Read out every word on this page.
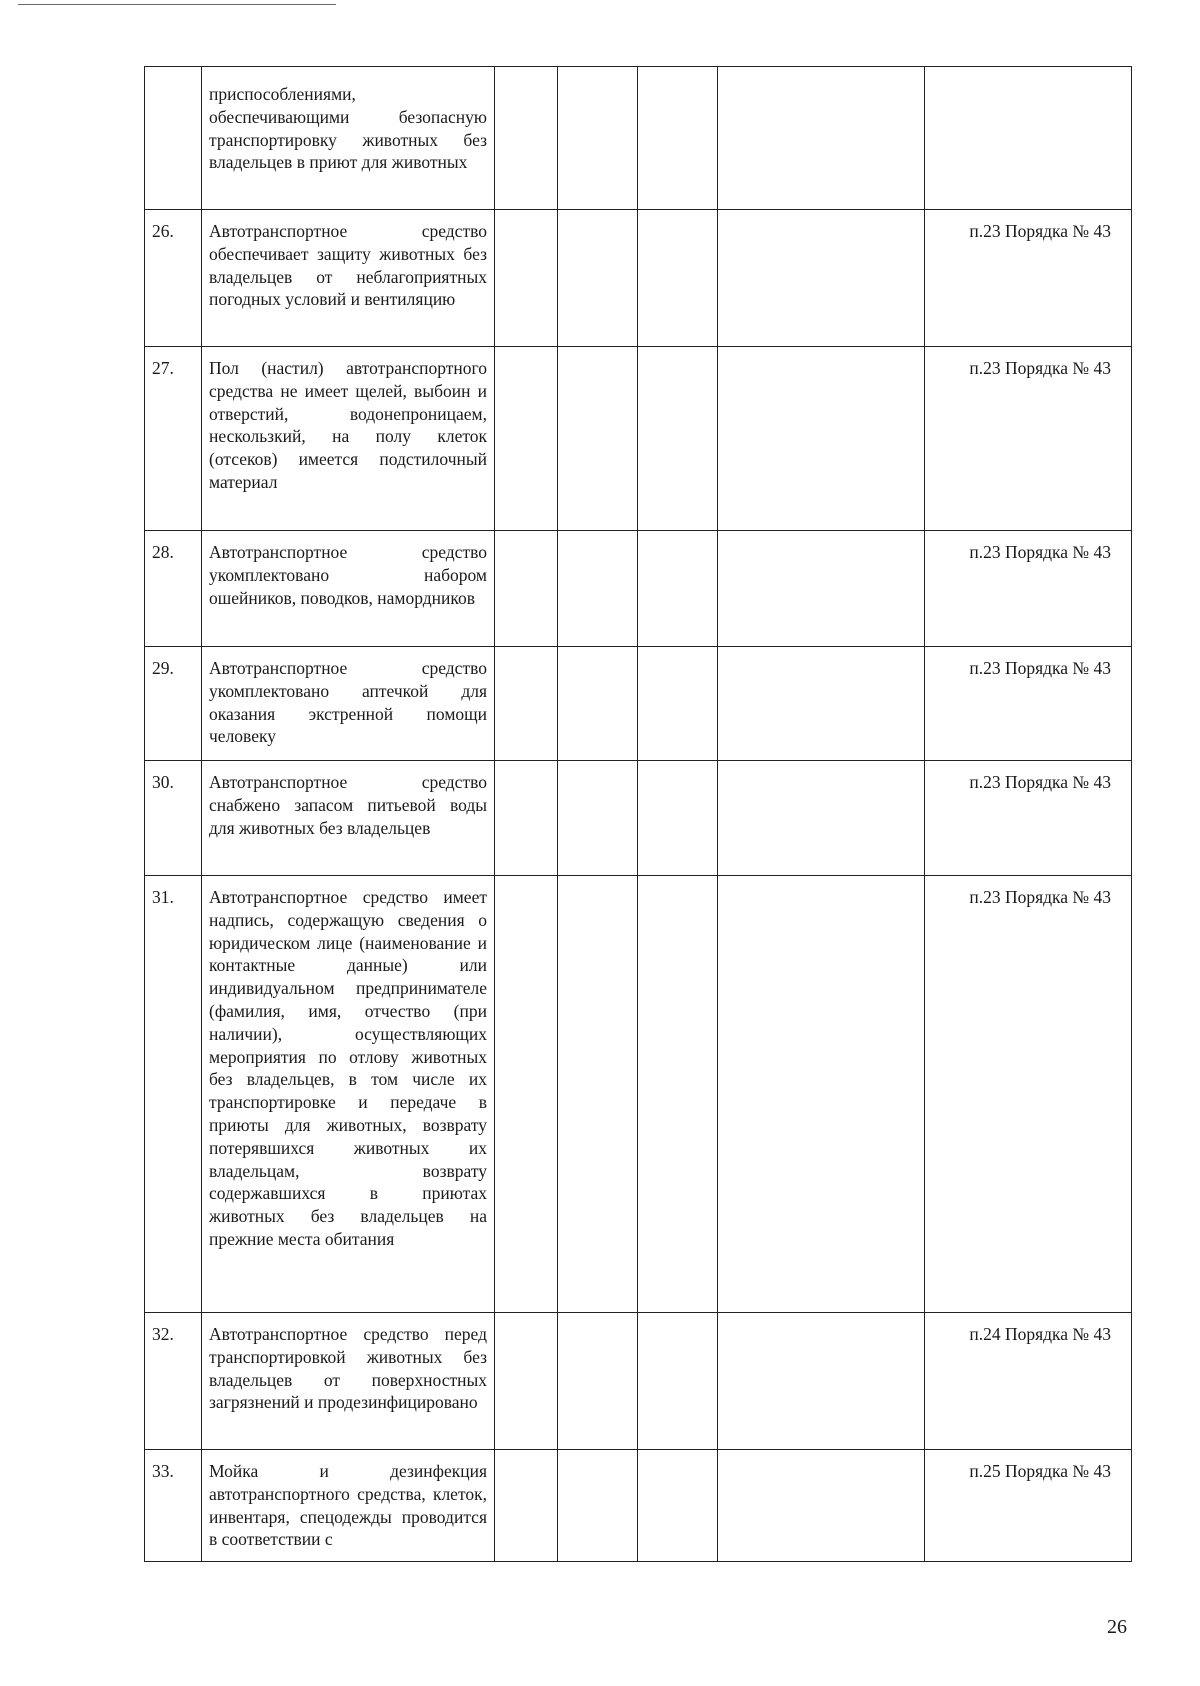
	приспособлениями, обеспечивающими безопасную транспортировку животных без владельцев в приют для животных					
26.	Автотранспортное средство обеспечивает защиту животных без владельцев от неблагоприятных погодных условий и вентиляцию					п.23 Порядка № 43
27.	Пол (настил) автотранспортного средства не имеет щелей, выбоин и отверстий, водонепроницаем, нескользкий, на полу клеток (отсеков) имеется подстилочный материал					п.23 Порядка № 43
28.	Автотранспортное средство укомплектовано набором ошейников, поводков, намордников					п.23 Порядка № 43
29.	Автотранспортное средство укомплектовано аптечкой для оказания экстренной помощи человеку					п.23 Порядка № 43
30.	Автотранспортное средство снабжено запасом питьевой воды для животных без владельцев					п.23 Порядка № 43
31.	Автотранспортное средство имеет надпись, содержащую сведения о юридическом лице (наименование и контактные данные) или индивидуальном предпринимателе (фамилия, имя, отчество (при наличии), осуществляющих мероприятия по отлову животных без владельцев, в том числе их транспортировке и передаче в приюты для животных, возврату потерявшихся животных их владельцам, возврату содержавшихся в приютах животных без владельцев на прежние места обитания					п.23 Порядка № 43
32.	Автотранспортное средство перед транспортировкой животных без владельцев от поверхностных загрязнений и продезинфицировано					п.24 Порядка № 43
33.	Мойка и дезинфекция автотранспортного средства, клеток, инвентаря, спецодежды проводится в соответствии с					п.25 Порядка № 43
26
